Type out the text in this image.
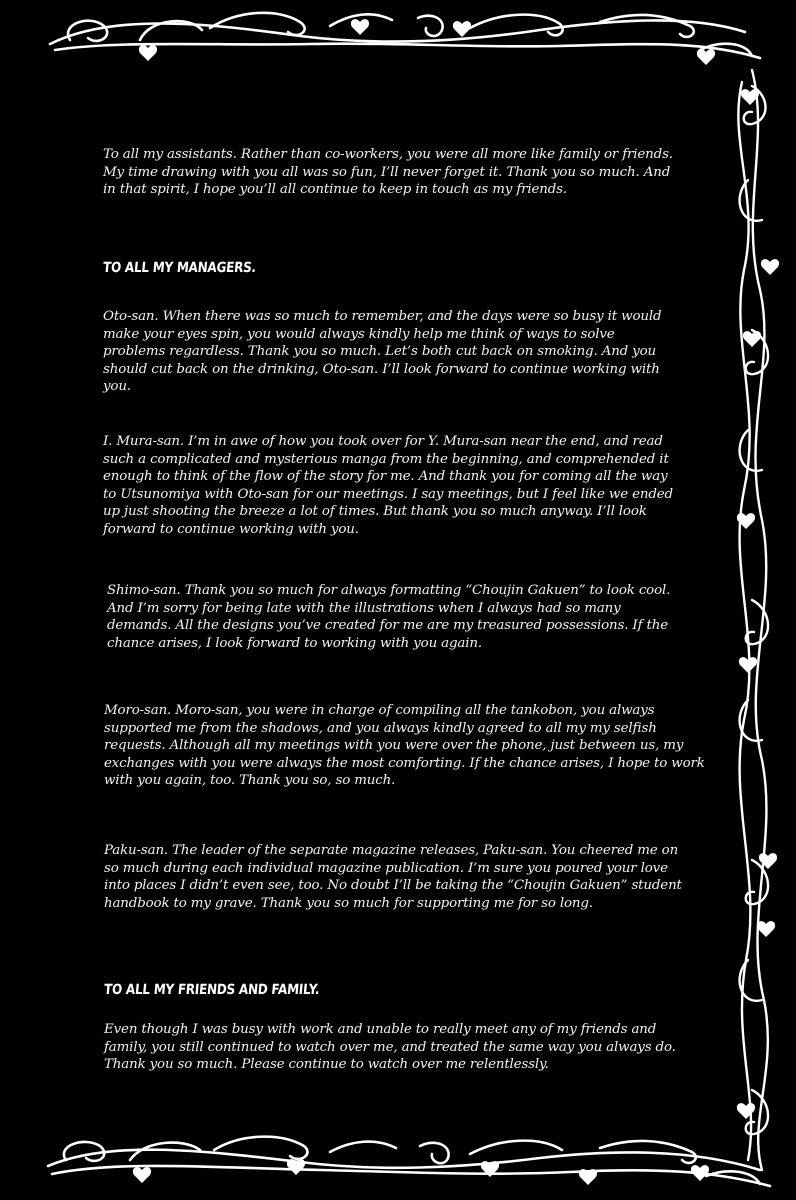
To all my assistants. Rather than co-workers, you were all more like family or friends.
My time drawing with you all was so fun, I’ll never forget it. Thank you so much. And
in that spirit, I hope you’ll all continue to keep in touch as my friends.
TO ALL MY MANAGERS.
Oto-san. When there was so much to remember, and the days were so busy it would
make your eyes spin, you would always kindly help me think of ways to solve
problems regardless. Thank you so much. Let’s both cut back on smoking. And you
should cut back on the drinking, Oto-san. I’ll look forward to continue working with
you.
I. Mura-san. I’m in awe of how you took over for Y. Mura-san near the end, and read
such a complicated and mysterious manga from the beginning, and comprehended it
enough to think of the flow of the story for me. And thank you for coming all the way
to Utsunomiya with Oto-san for our meetings. I say meetings, but I feel like we ended
up just shooting the breeze a lot of times. But thank you so much anyway. I’ll look
forward to continue working with you.
Shimo-san. Thank you so much for always formatting “Choujin Gakuen” to look cool.
And I’m sorry for being late with the illustrations when I always had so many
demands. All the designs you’ve created for me are my treasured possessions. If the
chance arises, I look forward to working with you again.
Moro-san. Moro-san, you were in charge of compiling all the tankobon, you always
supported me from the shadows, and you always kindly agreed to all my my selfish
requests. Although all my meetings with you were over the phone, just between us, my
exchanges with you were always the most comforting. If the chance arises, I hope to work
with you again, too. Thank you so, so much.
Paku-san. The leader of the separate magazine releases, Paku-san. You cheered me on
so much during each individual magazine publication. I’m sure you poured your love
into places I didn’t even see, too. No doubt I’ll be taking the “Choujin Gakuen” student
handbook to my grave. Thank you so much for supporting me for so long.
TO ALL MY FRIENDS AND FAMILY.
Even though I was busy with work and unable to really meet any of my friends and
family, you still continued to watch over me, and treated the same way you always do.
Thank you so much. Please continue to watch over me relentlessly.
